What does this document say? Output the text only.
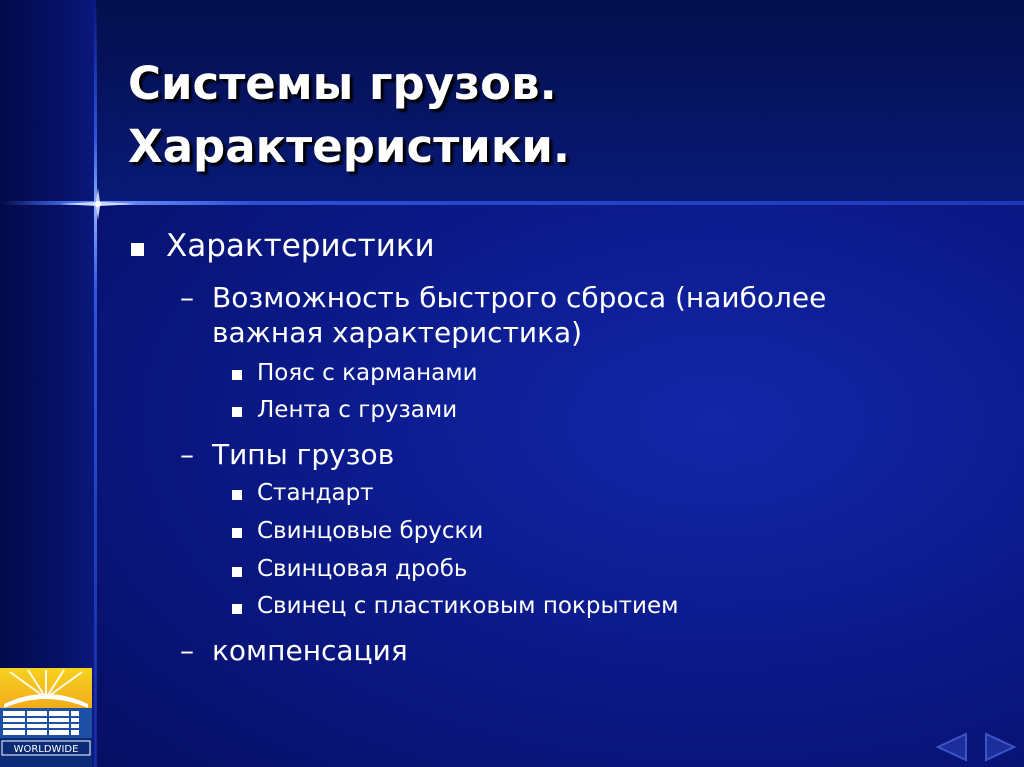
Системы грузов.
Характеристики.
Характеристики
– Возможность быстрого сброса (наиболее
важная характеристика)
Пояс с карманами
Лента с грузами
– Типы грузов
Стандарт
Свинцовые бруски
Свинцовая дробь
Свинец с пластиковым покрытием
– компенсация
WORLDWIDE
